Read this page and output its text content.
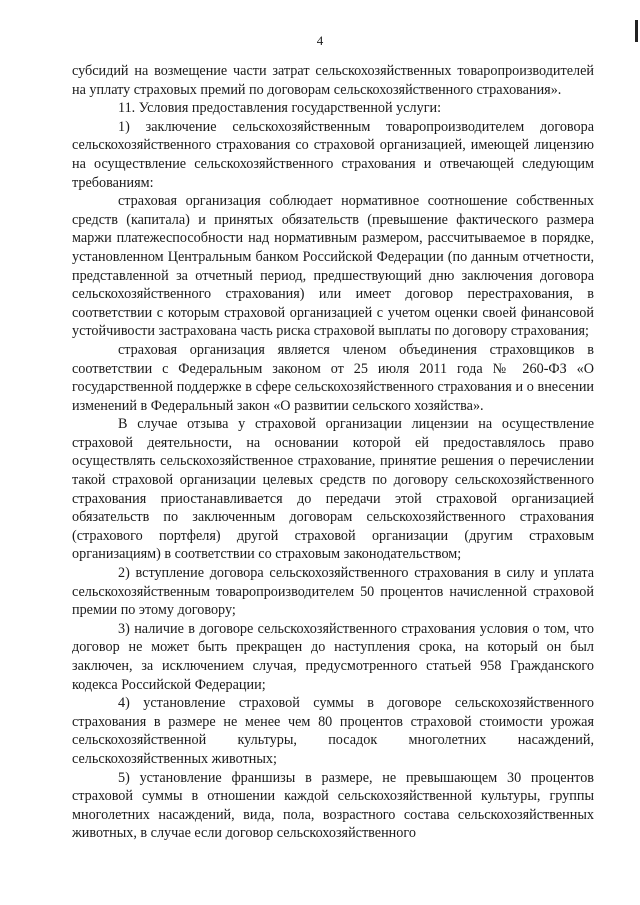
4

субсидий на возмещение части затрат сельскохозяйственных товаропроизводителей на уплату страховых премий по договорам сельскохозяйственного страхования».

11. Условия предоставления государственной услуги:

1) заключение сельскохозяйственным товаропроизводителем договора сельскохозяйственного страхования со страховой организацией, имеющей лицензию на осуществление сельскохозяйственного страхования и отвечающей следующим требованиям:

страховая организация соблюдает нормативное соотношение собственных средств (капитала) и принятых обязательств (превышение фактического размера маржи платежеспособности над нормативным размером, рассчитываемое в порядке, установленном Центральным банком Российской Федерации (по данным отчетности, представленной за отчетный период, предшествующий дню заключения договора сельскохозяйственного страхования) или имеет договор перестрахования, в соответствии с которым страховой организацией с учетом оценки своей финансовой устойчивости застрахована часть риска страховой выплаты по договору страхования;

страховая организация является членом объединения страховщиков в соответствии с Федеральным законом от 25 июля 2011 года № 260-ФЗ «О государственной поддержке в сфере сельскохозяйственного страхования и о внесении изменений в Федеральный закон «О развитии сельского хозяйства».

В случае отзыва у страховой организации лицензии на осуществление страховой деятельности, на основании которой ей предоставлялось право осуществлять сельскохозяйственное страхование, принятие решения о перечислении такой страховой организации целевых средств по договору сельскохозяйственного страхования приостанавливается до передачи этой страховой организацией обязательств по заключенным договорам сельскохозяйственного страхования (страхового портфеля) другой страховой организации (другим страховым организациям) в соответствии со страховым законодательством;

2) вступление договора сельскохозяйственного страхования в силу и уплата сельскохозяйственным товаропроизводителем 50 процентов начисленной страховой премии по этому договору;

3) наличие в договоре сельскохозяйственного страхования условия о том, что договор не может быть прекращен до наступления срока, на который он был заключен, за исключением случая, предусмотренного статьей 958 Гражданского кодекса Российской Федерации;

4) установление страховой суммы в договоре сельскохозяйственного страхования в размере не менее чем 80 процентов страховой стоимости урожая сельскохозяйственной культуры, посадок многолетних насаждений, сельскохозяйственных животных;

5) установление франшизы в размере, не превышающем 30 процентов страховой суммы в отношении каждой сельскохозяйственной культуры, группы многолетних насаждений, вида, пола, возрастного состава сельскохозяйственных животных, в случае если договор сельскохозяйственного
